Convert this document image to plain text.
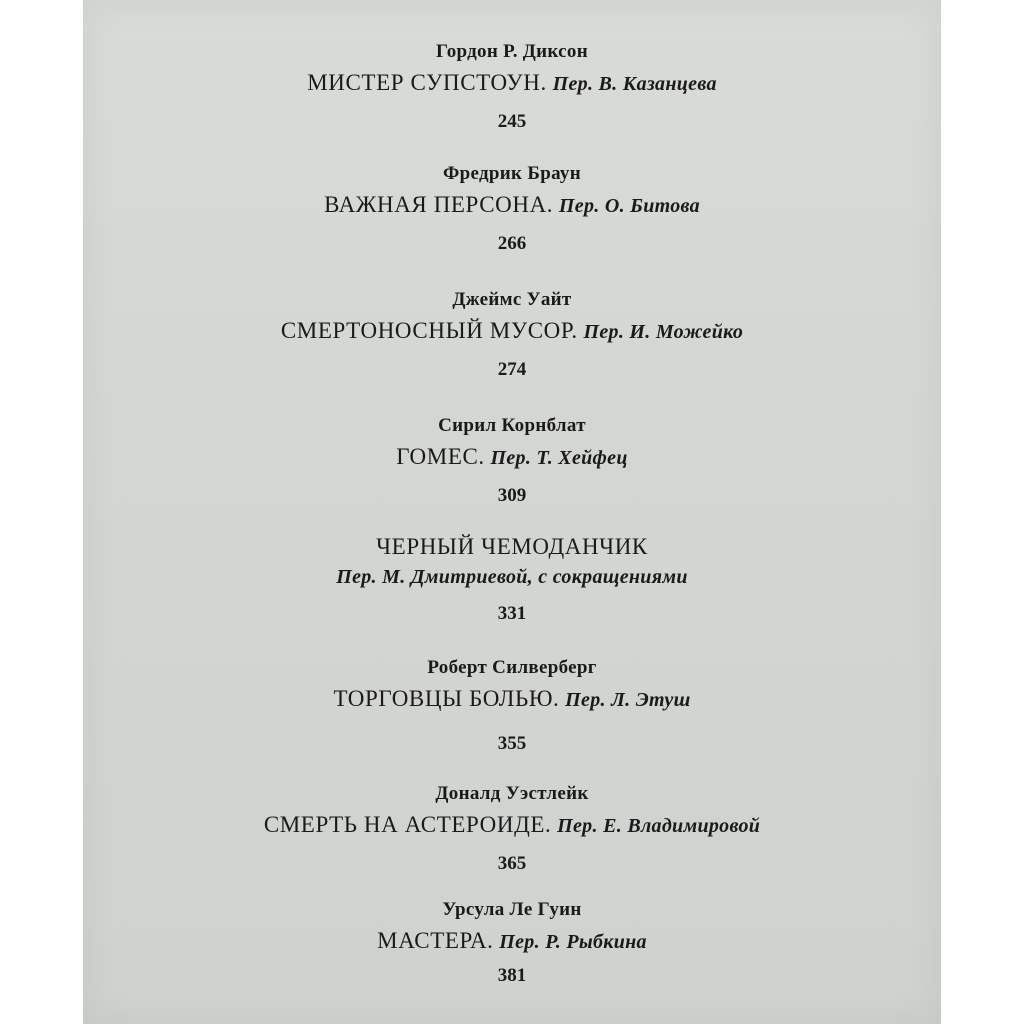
Гордон Р. Диксон
МИСТЕР СУПСТОУН. Пер. В. Казанцева
245
Фредрик Браун
ВАЖНАЯ ПЕРСОНА. Пер. О. Битова
266
Джеймс Уайт
СМЕРТОНОСНЫЙ МУСОР. Пер. И. Можейко
274
Сирил Корнблат
ГОМЕС. Пер. Т. Хейфец
309
ЧЕРНЫЙ ЧЕМОДАНЧИК
Пер. М. Дмитриевой, с сокращениями
331
Роберт Силверберг
ТОРГОВЦЫ БОЛЬЮ. Пер. Л. Этуш
355
Доналд Уэстлейк
СМЕРТЬ НА АСТЕРОИДЕ. Пер. Е. Владимировой
365
Урсула Ле Гуин
МАСТЕРА. Пер. Р. Рыбкина
381
